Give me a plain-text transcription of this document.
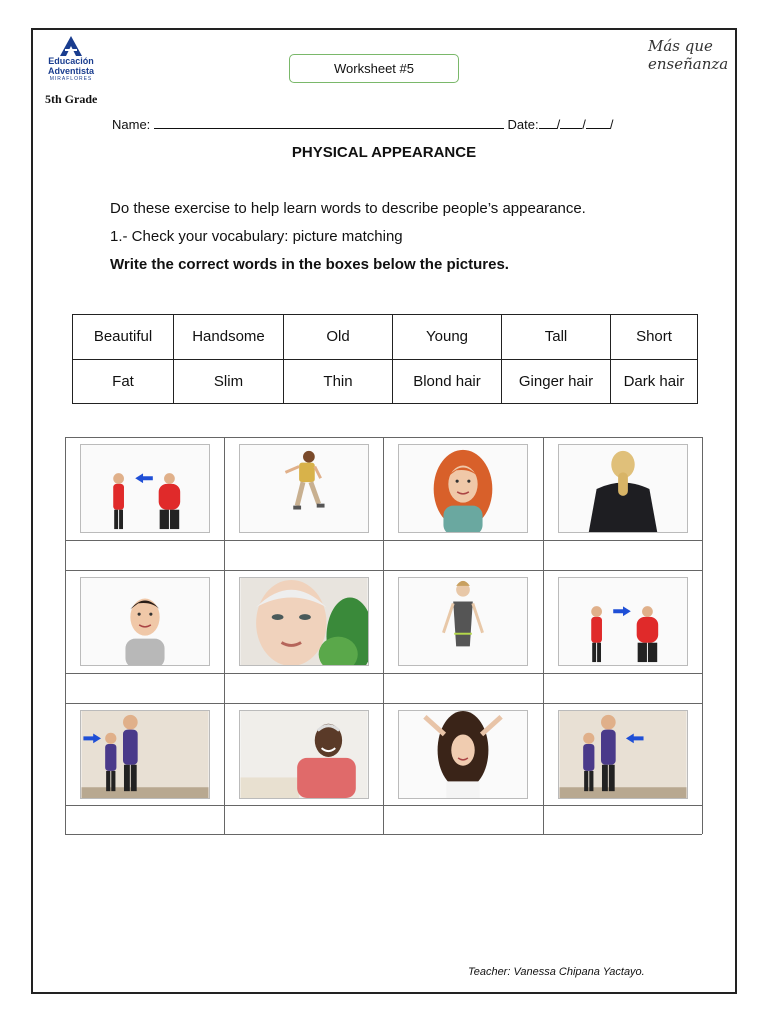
Educación
Adventista
MIRAFLORES
5th Grade
Más que
enseñanza
Worksheet #5
Name:	Date: / / /
PHYSICAL APPEARANCE
Do these exercise to help learn words to describe people’s appearance.
1.- Check your vocabulary: picture matching
Write the correct words in the boxes below the pictures.
Beautiful	Handsome	Old	Young	Tall	Short
Fat	Slim	Thin	Blond hair	Ginger hair	Dark hair
Teacher: Vanessa Chipana Yactayo.
